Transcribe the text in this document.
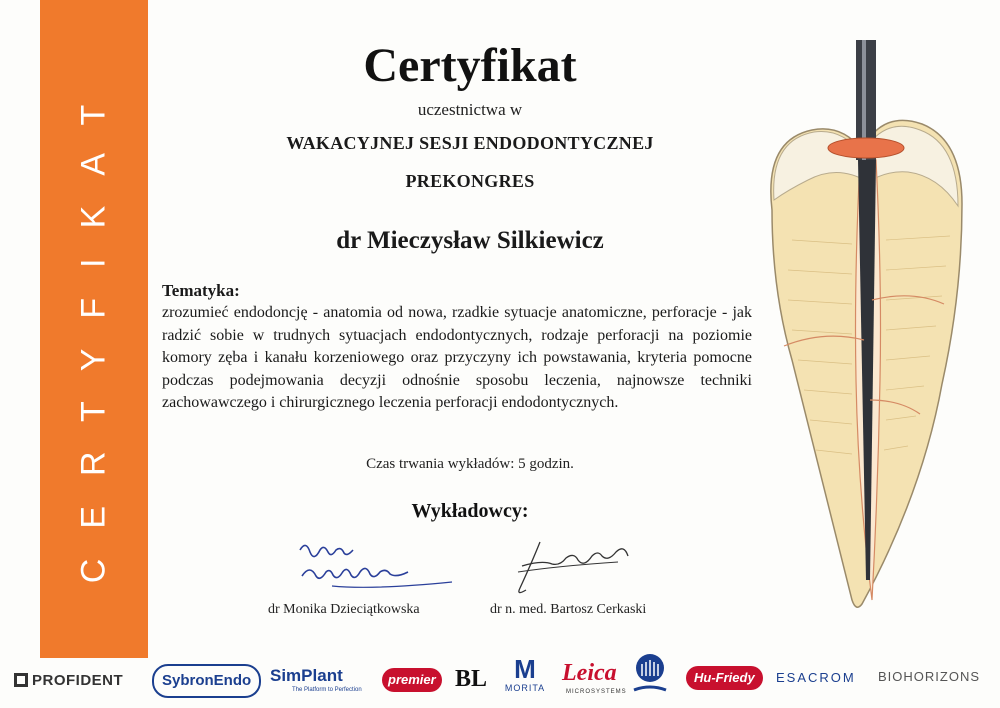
CERTYFIKAT
Certyfikat
uczestnictwa w
WAKACYJNEJ SESJI ENDODONTYCZNEJ
PREKONGRES
dr Mieczysław Silkiewicz
Tematyka:
zrozumieć endodoncję - anatomia od nowa, rzadkie sytuacje anatomiczne, perforacje - jak radzić sobie w trudnych sytuacjach endodontycznych, rodzaje perforacji na poziomie komory zęba i kanału korzeniowego oraz przyczyny ich powstawania, kryteria pomocne podczas podejmowania decyzji odnośnie sposobu leczenia, najnowsze techniki zachowawczego i chirurgicznego leczenia perforacji endodontycznych.
Czas trwania wykładów: 5 godzin.
Wykładowcy:
dr Monika Dzieciątkowska	dr n. med. Bartosz Cerkaski
PROFIDENT	SybronEndo	SimPlant
The Platform to Perfection
premier BL	M
MORITA
Leica
MICROSYSTEMS
Hu-Friedy	ESACROM BIOHORIZONS
